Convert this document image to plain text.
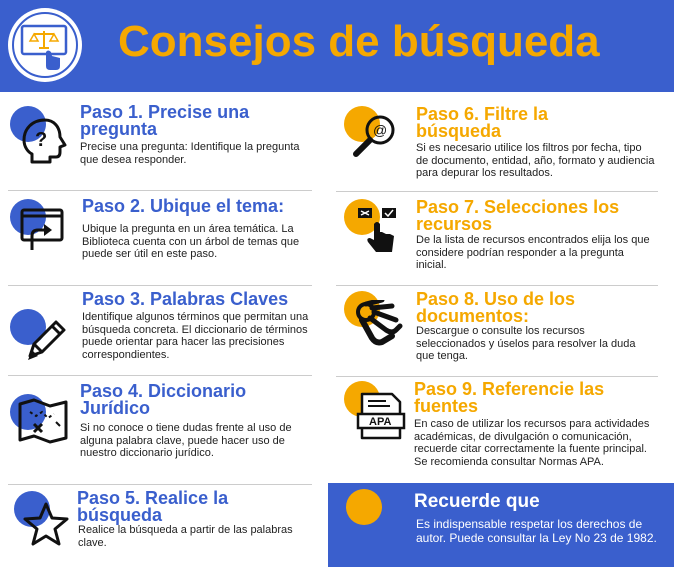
Consejos de búsqueda
?
Paso 1. Precise una pregunta
Precise una pregunta: Identifique la pregunta que desea responder.
Paso 2. Ubique el tema:
Ubique la pregunta en un área temática. La Biblioteca cuenta con un árbol de temas que puede ser útil en este paso.
Paso 3. Palabras Claves
Identifique algunos términos que permitan una búsqueda concreta. El diccionario de términos puede orientar para hacer las precisiones correspondientes.
Paso 4. Diccionario Jurídico
Si no conoce o tiene dudas frente al uso de alguna palabra clave, puede hacer uso de nuestro diccionario jurídico.
Paso 5. Realice la búsqueda
Realice la búsqueda a partir de las palabras clave.
@
Paso 6. Filtre la búsqueda
Si es necesario utilice los filtros por fecha, tipo de documento, entidad, año, formato y audiencia para depurar los resultados.
Paso 7. Selecciones los recursos
De la lista de recursos encontrados elija los que considere podrían responder a la pregunta inicial.
Paso 8. Uso de los documentos:
Descargue o consulte los recursos seleccionados y úselos para resolver la duda que tenga.
APA
Paso 9. Referencie las fuentes
En caso de utilizar los recursos para actividades académicas, de divulgación o comunicación, recuerde citar correctamente la fuente principal. Se recomienda consultar Normas APA.
Recuerde que
Es indispensable respetar los derechos de autor. Puede consultar la Ley No 23 de 1982.
